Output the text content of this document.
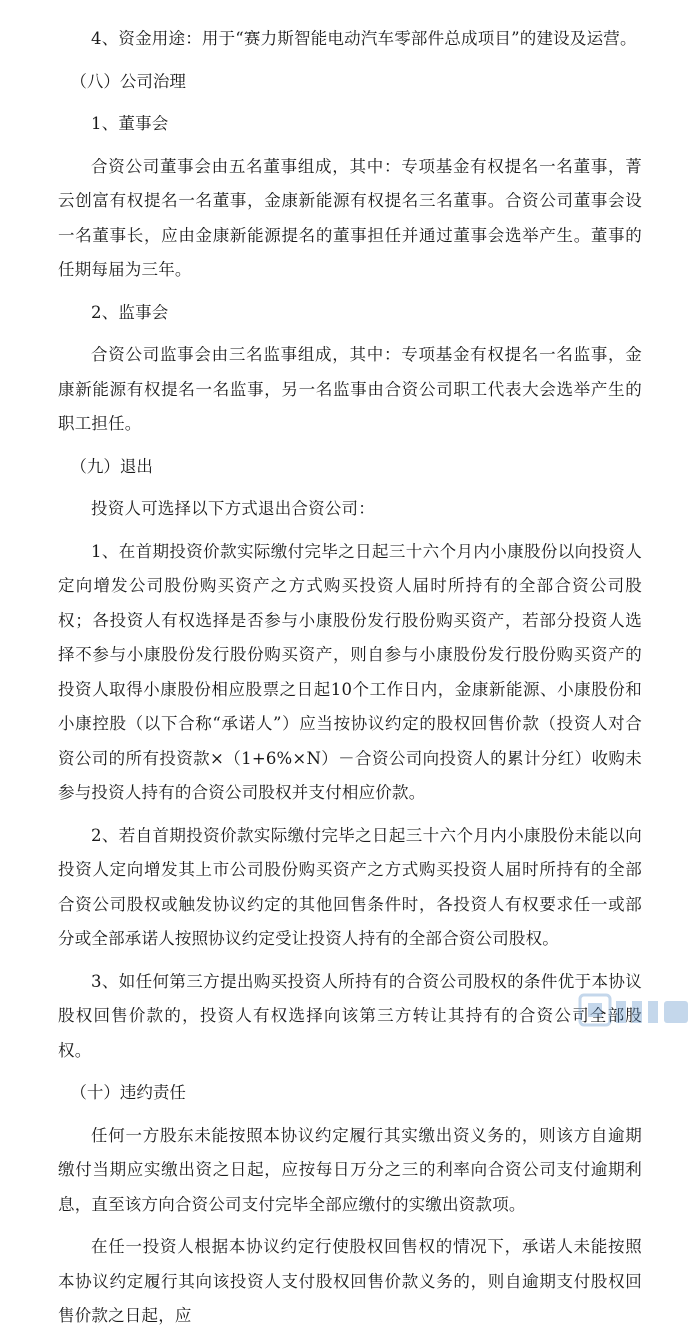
4、资金用途：用于“赛力斯智能电动汽车零部件总成项目”的建设及运营。

（八）公司治理

1、董事会

合资公司董事会由五名董事组成，其中：专项基金有权提名一名董事，菁云创富有权提名一名董事，金康新能源有权提名三名董事。合资公司董事会设一名董事长，应由金康新能源提名的董事担任并通过董事会选举产生。董事的任期每届为三年。

2、监事会

合资公司监事会由三名监事组成，其中：专项基金有权提名一名监事，金康新能源有权提名一名监事，另一名监事由合资公司职工代表大会选举产生的职工担任。

（九）退出

投资人可选择以下方式退出合资公司：

1、在首期投资价款实际缴付完毕之日起三十六个月内小康股份以向投资人定向增发公司股份购买资产之方式购买投资人届时所持有的全部合资公司股权；各投资人有权选择是否参与小康股份发行股份购买资产，若部分投资人选择不参与小康股份发行股份购买资产，则自参与小康股份发行股份购买资产的投资人取得小康股份相应股票之日起10个工作日内，金康新能源、小康股份和小康控股（以下合称“承诺人”）应当按协议约定的股权回售价款（投资人对合资公司的所有投资款×（1+6%×N）－合资公司向投资人的累计分红）收购未参与投资人持有的合资公司股权并支付相应价款。

2、若自首期投资价款实际缴付完毕之日起三十六个月内小康股份未能以向投资人定向增发其上市公司股份购买资产之方式购买投资人届时所持有的全部合资公司股权或触发协议约定的其他回售条件时，各投资人有权要求任一或部分或全部承诺人按照协议约定受让投资人持有的全部合资公司股权。

3、如任何第三方提出购买投资人所持有的合资公司股权的条件优于本协议股权回售价款的，投资人有权选择向该第三方转让其持有的合资公司全部股权。

（十）违约责任

任何一方股东未能按照本协议约定履行其实缴出资义务的，则该方自逾期缴付当期应实缴出资之日起，应按每日万分之三的利率向合资公司支付逾期利息，直至该方向合资公司支付完毕全部应缴付的实缴出资款项。

在任一投资人根据本协议约定行使股权回售权的情况下，承诺人未能按照本协议约定履行其向该投资人支付股权回售价款义务的，则自逾期支付股权回售价款之日起，应
